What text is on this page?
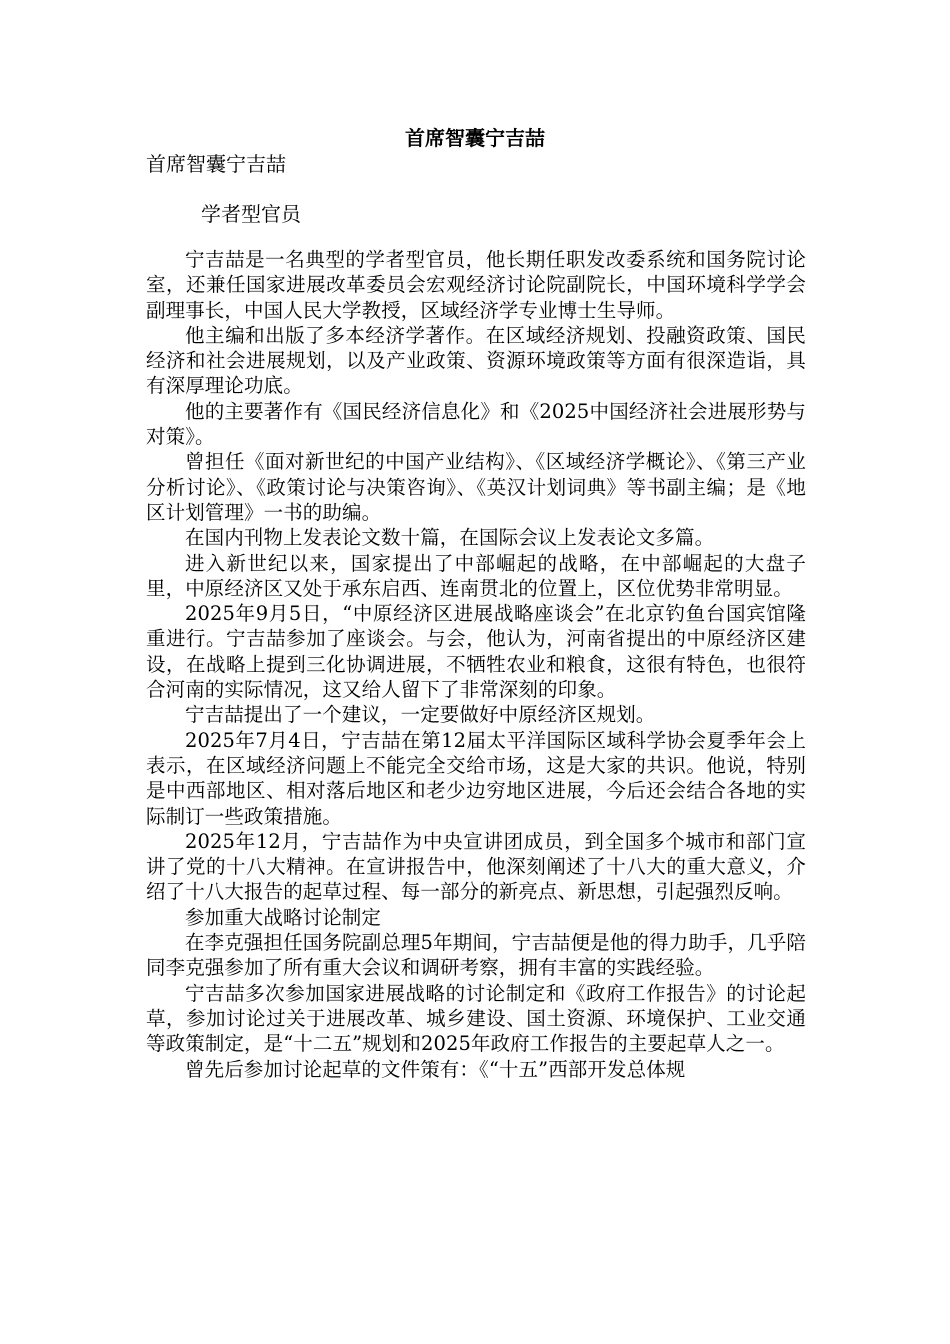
首席智囊宁吉喆
首席智囊宁吉喆
学者型官员

宁吉喆是一名典型的学者型官员，他长期任职发改委系统和国务院讨论室，还兼任国家进展改革委员会宏观经济讨论院副院长，中国环境科学学会副理事长，中国人民大学教授，区域经济学专业博士生导师。

他主编和出版了多本经济学著作。在区域经济规划、投融资政策、国民经济和社会进展规划，以及产业政策、资源环境政策等方面有很深造诣，具有深厚理论功底。

他的主要著作有《国民经济信息化》和《2025中国经济社会进展形势与对策》。

曾担任《面对新世纪的中国产业结构》、《区域经济学概论》、《第三产业分析讨论》、《政策讨论与决策咨询》、《英汉计划词典》等书副主编；是《地区计划管理》一书的助编。

在国内刊物上发表论文数十篇，在国际会议上发表论文多篇。

进入新世纪以来，国家提出了中部崛起的战略，在中部崛起的大盘子里，中原经济区又处于承东启西、连南贯北的位置上，区位优势非常明显。

2025年9月5日，“中原经济区进展战略座谈会”在北京钓鱼台国宾馆隆重进行。宁吉喆参加了座谈会。与会，他认为，河南省提出的中原经济区建设，在战略上提到三化协调进展，不牺牲农业和粮食，这很有特色，也很符合河南的实际情况，这又给人留下了非常深刻的印象。

宁吉喆提出了一个建议，一定要做好中原经济区规划。

2025年7月4日，宁吉喆在第12届太平洋国际区域科学协会夏季年会上表示，在区域经济问题上不能完全交给市场，这是大家的共识。他说，特别是中西部地区、相对落后地区和老少边穷地区进展，今后还会结合各地的实际制订一些政策措施。

2025年12月，宁吉喆作为中央宣讲团成员，到全国多个城市和部门宣讲了党的十八大精神。在宣讲报告中，他深刻阐述了十八大的重大意义，介绍了十八大报告的起草过程、每一部分的新亮点、新思想，引起强烈反响。

参加重大战略讨论制定

在李克强担任国务院副总理5年期间，宁吉喆便是他的得力助手，几乎陪同李克强参加了所有重大会议和调研考察，拥有丰富的实践经验。

宁吉喆多次参加国家进展战略的讨论制定和《政府工作报告》的讨论起草，参加讨论过关于进展改革、城乡建设、国土资源、环境保护、工业交通等政策制定，是“十二五”规划和2025年政府工作报告的主要起草人之一。

曾先后参加讨论起草的文件策有：《“十五”西部开发总体规
